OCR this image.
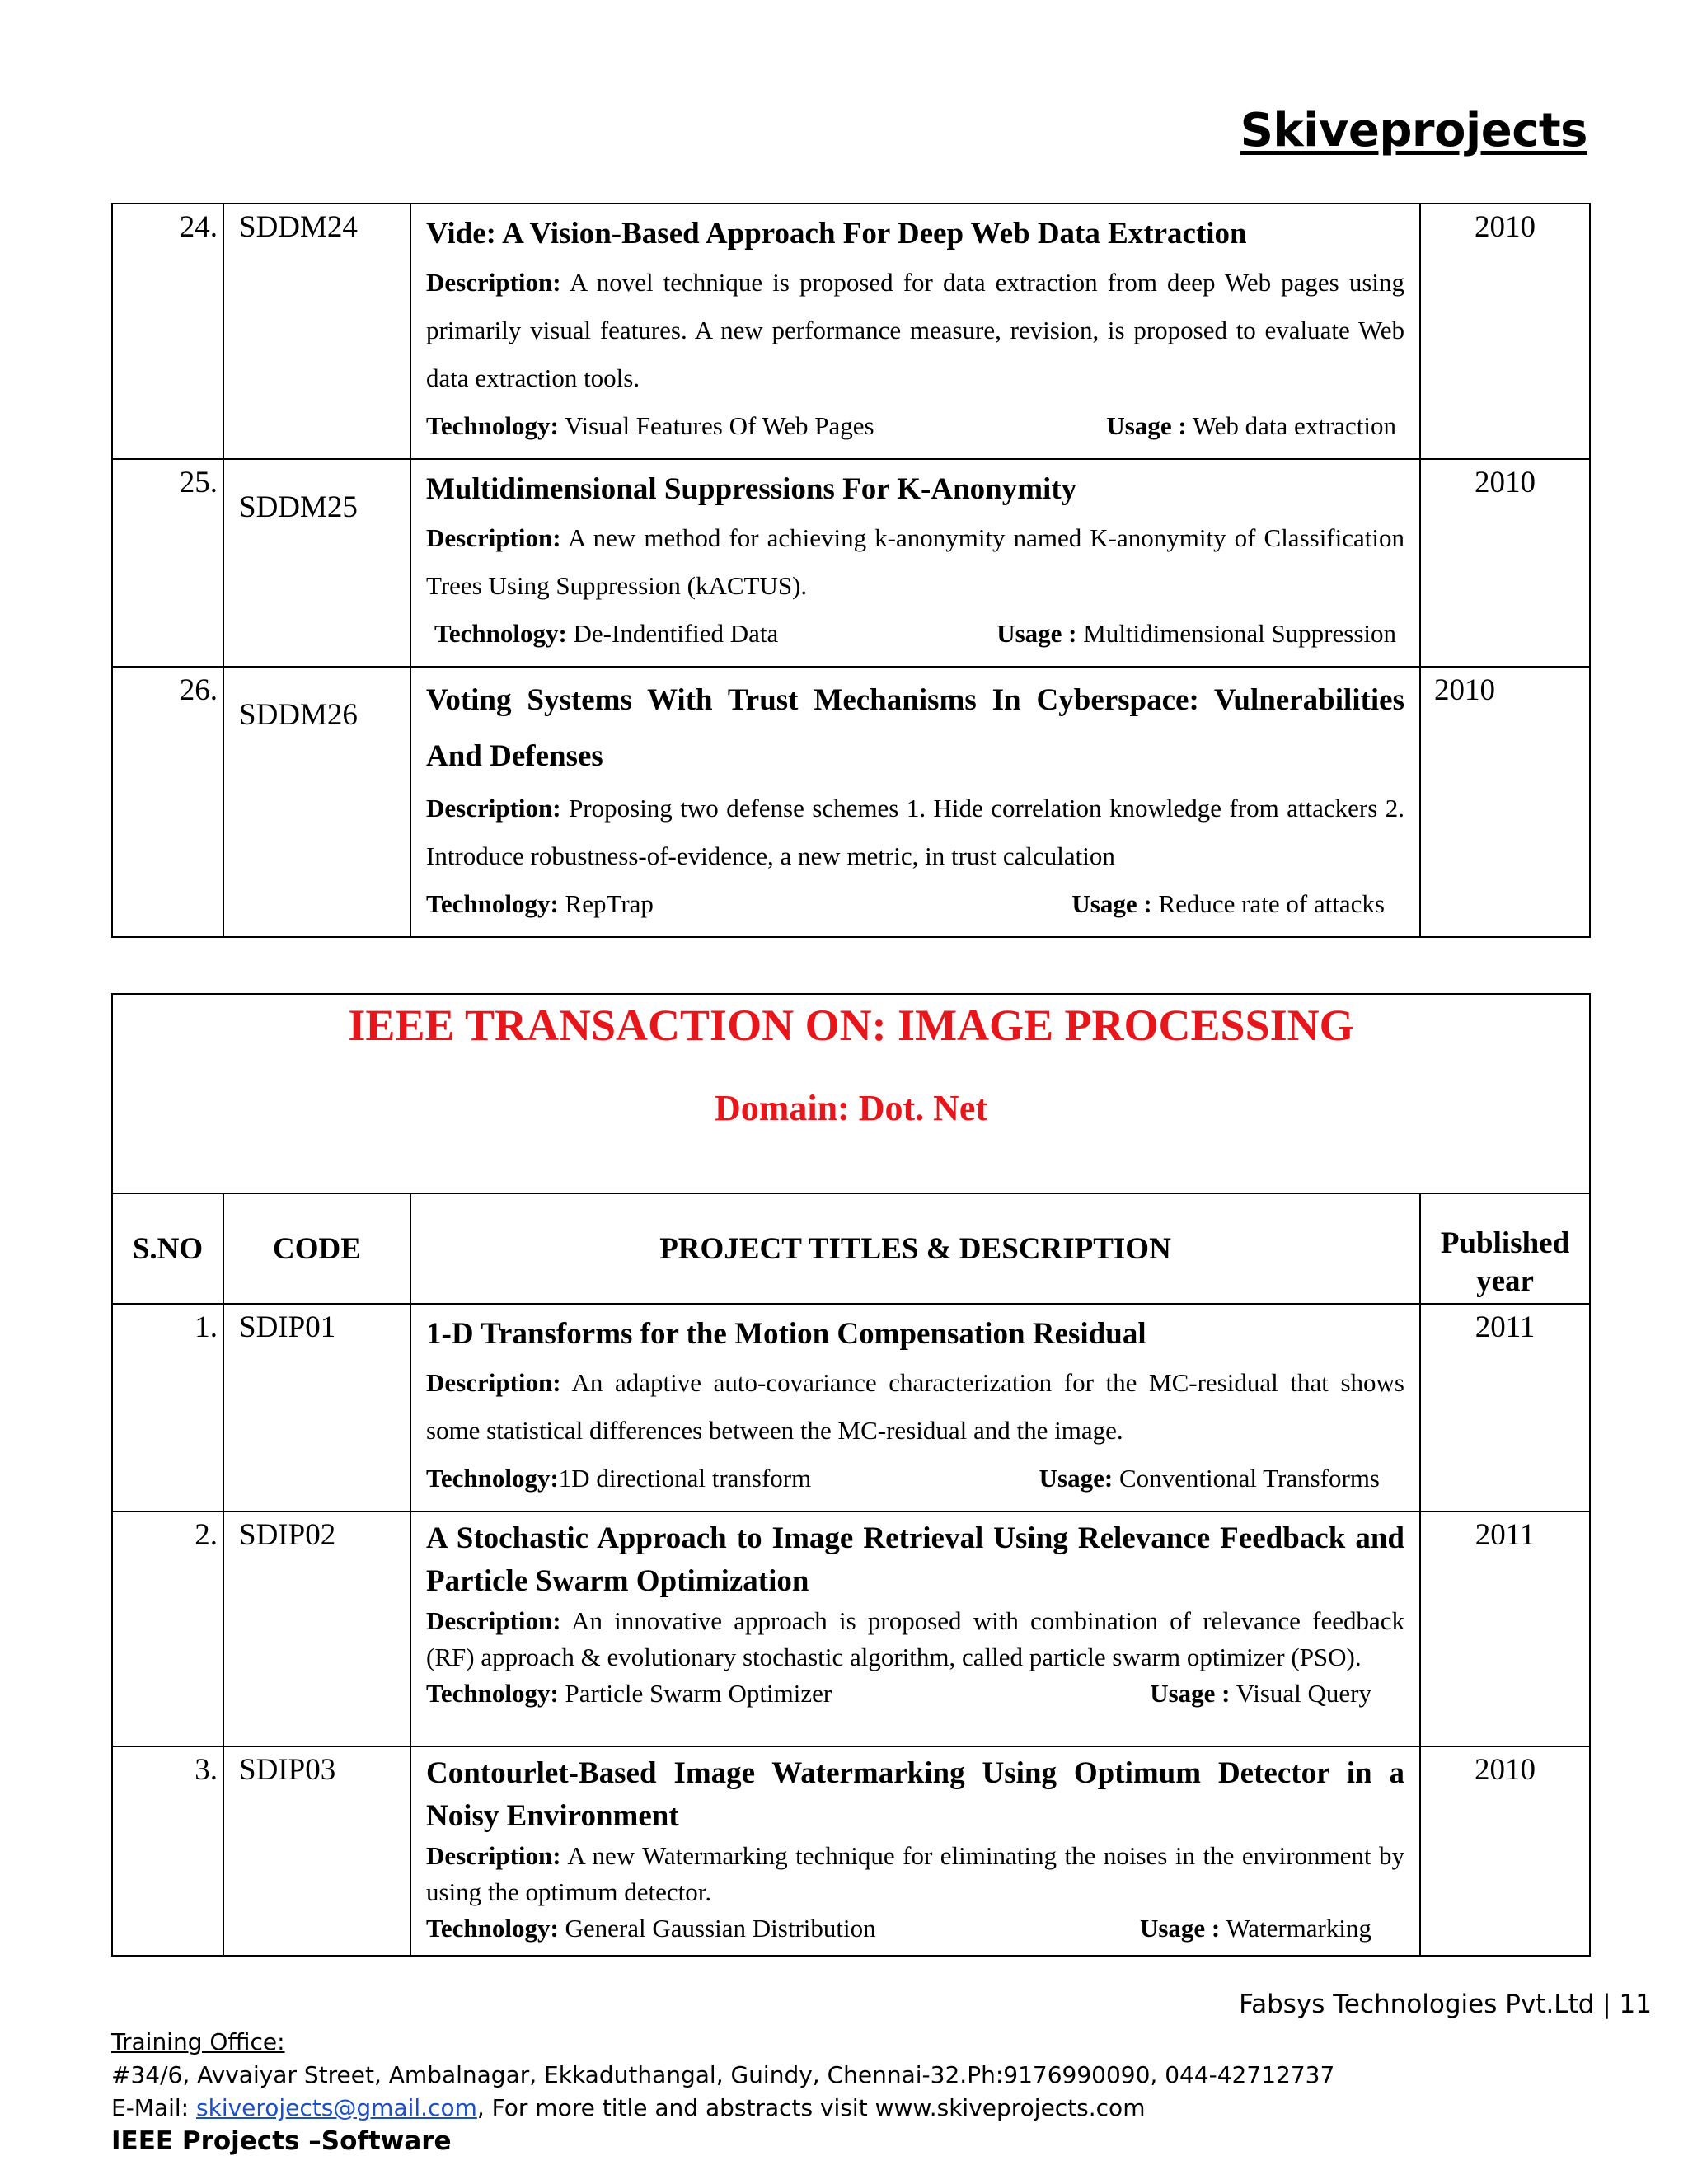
Skiveprojects
24.	SDDM24	Vide: A Vision-Based Approach For Deep Web Data Extraction
Description: A novel technique is proposed for data extraction from deep Web pages using primarily visual features. A new performance measure, revision, is proposed to evaluate Web data extraction tools.
Technology: Visual Features Of Web Pages Usage : Web data extraction	2010
25.	SDDM25	Multidimensional Suppressions For K-Anonymity
Description: A new method for achieving k-anonymity named K-anonymity of Classification Trees Using Suppression (kACTUS).
Technology: De-Indentified Data Usage : Multidimensional Suppression	2010
26.	SDDM26	Voting Systems With Trust Mechanisms In Cyberspace: Vulnerabilities And Defenses
Description: Proposing two defense schemes 1. Hide correlation knowledge from attackers 2. Introduce robustness-of-evidence, a new metric, in trust calculation
Technology: RepTrap Usage : Reduce rate of attacks	2010
IEEE TRANSACTION ON: IMAGE PROCESSING
Domain: Dot. Net			

S.NO	CODE	PROJECT TITLES & DESCRIPTION	Published year
1.	SDIP01	1-D Transforms for the Motion Compensation Residual
Description: An adaptive auto-covariance characterization for the MC-residual that shows some statistical differences between the MC-residual and the image.
Technology:1D directional transform Usage: Conventional Transforms	2011
2.	SDIP02	A Stochastic Approach to Image Retrieval Using Relevance Feedback and Particle Swarm Optimization
Description: An innovative approach is proposed with combination of relevance feedback (RF) approach & evolutionary stochastic algorithm, called particle swarm optimizer (PSO).
Technology: Particle Swarm Optimizer Usage : Visual Query	2011
3.	SDIP03	Contourlet-Based Image Watermarking Using Optimum Detector in a Noisy Environment
Description: A new Watermarking technique for eliminating the noises in the environment by using the optimum detector.
Technology: General Gaussian Distribution Usage : Watermarking	2010
Fabsys Technologies Pvt.Ltd | 11
Training Office:
#34/6, Avvaiyar Street, Ambalnagar, Ekkaduthangal, Guindy, Chennai-32.Ph:9176990090, 044-42712737
E-Mail: skiverojects@gmail.com, For more title and abstracts visit www.skiveprojects.com
IEEE Projects –Software
